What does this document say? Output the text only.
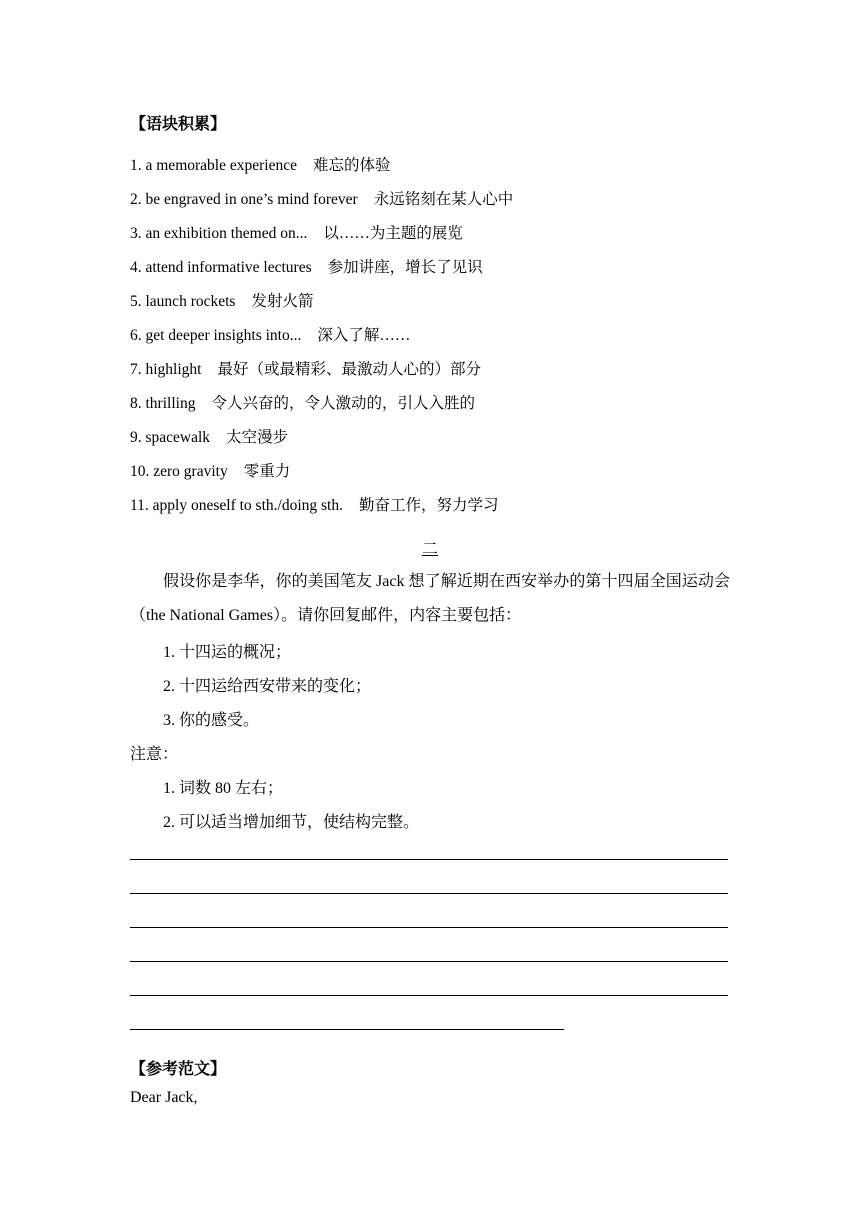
【语块积累】
1. a memorable experience 难忘的体验
2. be engraved in one’s mind forever 永远铭刻在某人心中
3. an exhibition themed on... 以……为主题的展览
4. attend informative lectures 参加讲座，增长了见识
5. launch rockets 发射火箭
6. get deeper insights into... 深入了解……
7. highlight 最好（或最精彩、最激动人心的）部分
8. thrilling 令人兴奋的，令人激动的，引人入胜的
9. spacewalk 太空漫步
10. zero gravity 零重力
11. apply oneself to sth./doing sth. 勤奋工作，努力学习
二
假设你是李华，你的美国笔友 Jack 想了解近期在西安举办的第十四届全国运动会（the National Games）。请你回复邮件，内容主要包括：
1. 十四运的概况；
2. 十四运给西安带来的变化；
3. 你的感受。
注意：
1. 词数 80 左右；
2. 可以适当增加细节，使结构完整。
【参考范文】
Dear Jack,
